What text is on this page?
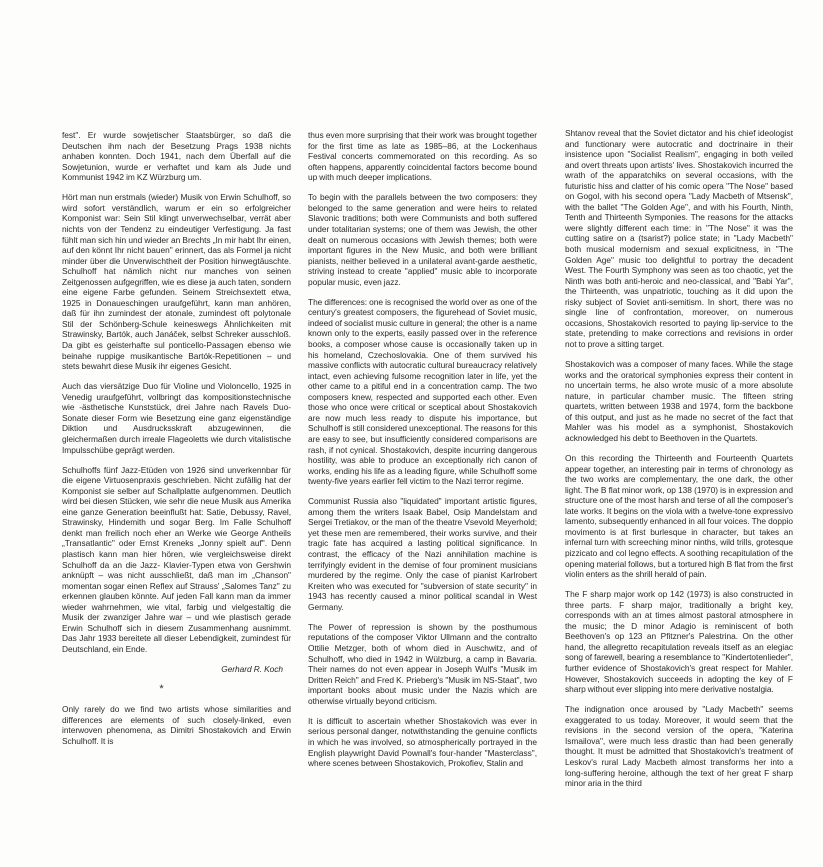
fest". Er wurde sowjetischer Staatsbürger, so daß die Deutschen ihm nach der Besetzung Prags 1938 nichts anhaben konnten. Doch 1941, nach dem Überfall auf die Sowjetunion, wurde er verhaftet und kam als Jude und Kommunist 1942 im KZ Würzburg um.

Hört man nun erstmals (wieder) Musik von Erwin Schulhoff, so wird sofort verständlich, warum er ein so erfolgreicher Komponist war: Sein Stil klingt unverwechselbar, verrät aber nichts von der Tendenz zu eindeutiger Verfestigung. Ja fast fühlt man sich hin und wieder an Brechts „In mir habt Ihr einen, auf den könnt Ihr nicht bauen" erinnert, das als Formel ja nicht minder über die Unverwischtheit der Position hinwegtäuschte. Schulhoff hat nämlich nicht nur manches von seinen Zeitgenossen aufgegriffen, wie es diese ja auch taten, sondern eine eigene Farbe gefunden. Seinem Streichsextett etwa, 1925 in Donaueschingen uraufgeführt, kann man anhören, daß für ihn zumindest der atonale, zumindest oft polytonale Stil der Schönberg-Schule keineswegs Ähnlichkeiten mit Strawinsky, Bartók, auch Janáček, selbst Schreker ausschloß. Da gibt es geisterhafte sul ponticello-Passagen ebenso wie beinahe ruppige musikantische Bartók-Repetitionen – und stets bewahrt diese Musik ihr eigenes Gesicht.

Auch das viersätzige Duo für Violine und Violoncello, 1925 in Venedig uraufgeführt, vollbringt das kompositionstechnische wie -ästhetische Kunststück, drei Jahre nach Ravels Duo-Sonate dieser Form wie Besetzung eine ganz eigenständige Diktion und Ausdrucksskraft abzugewinnen, die gleichermaßen durch irreale Flageoletts wie durch vitalistische Impulsschübe geprägt werden.

Schulhoffs fünf Jazz-Etüden von 1926 sind unverkennbar für die eigene Virtuosenpraxis geschrieben. Nicht zufällig hat der Komponist sie selber auf Schallplatte aufgenommen. Deutlich wird bei diesen Stücken, wie sehr die neue Musik aus Amerika eine ganze Generation beeinflußt hat: Satie, Debussy, Ravel, Strawinsky, Hindemith und sogar Berg. Im Falle Schulhoff denkt man freilich noch eher an Werke wie George Antheils „Transatlantic" oder Ernst Kreneks „Jonny spielt auf". Denn plastisch kann man hier hören, wie vergleichsweise direkt Schulhoff da an die Jazz- Klavier-Typen etwa von Gershwin anknüpft – was nicht ausschließt, daß man im „Chanson" momentan sogar einen Reflex auf Strauss' „Salomes Tanz" zu erkennen glauben könnte. Auf jeden Fall kann man da immer wieder wahrnehmen, wie vital, farbig und vielgestaltig die Musik der zwanziger Jahre war – und wie plastisch gerade Erwin Schulhoff sich in diesem Zusammenhang ausnimmt. Das Jahr 1933 bereitete all dieser Lebendigkeit, zumindest für Deutschland, ein Ende.

Gerhard R. Koch

*

Only rarely do we find two artists whose similarities and differences are elements of such closely-linked, even interwoven phenomena, as Dimitri Shostakovich and Erwin Schulhoff. It is

thus even more surprising that their work was brought together for the first time as late as 1985–86, at the Lockenhaus Festival concerts commemorated on this recording. As so often happens, apparently coincidental factors become bound up with much deeper implications.

To begin with the parallels between the two composers: they belonged to the same generation and were heirs to related Slavonic traditions; both were Communists and both suffered under totalitarian systems; one of them was Jewish, the other dealt on numerous occasions with Jewish themes; both were important figures in the New Music, and both were brilliant pianists, neither believed in a unilateral avant-garde aesthetic, striving instead to create "applied" music able to incorporate popular music, even jazz.

The differences: one is recognised the world over as one of the century's greatest composers, the figurehead of Soviet music, indeed of socialist music culture in general; the other is a name known only to the experts, easily passed over in the reference books, a composer whose cause is occasionally taken up in his homeland, Czechoslovakia. One of them survived his massive conflicts with autocratic cultural bureaucracy relatively intact, even achieving fulsome recognition later in life, yet the other came to a pitiful end in a concentration camp. The two composers knew, respected and supported each other. Even those who once were critical or sceptical about Shostakovich are now much less ready to dispute his importance, but Schulhoff is still considered unexceptional. The reasons for this are easy to see, but insufficiently considered comparisons are rash, if not cynical. Shostakovich, despite incurring dangerous hostility, was able to produce an exceptionally rich canon of works, ending his life as a leading figure, while Schulhoff some twenty-five years earlier fell victim to the Nazi terror regime.

Communist Russia also "liquidated" important artistic figures, among them the writers Isaak Babel, Osip Mandelstam and Sergei Tretiakov, or the man of the theatre Vsevold Meyerhold; yet these men are remembered, their works survive, and their tragic fate has acquired a lasting political significance. In contrast, the efficacy of the Nazi annihilation machine is terrifyingly evident in the demise of four prominent musicians murdered by the regime. Only the case of pianist Karlrobert Kreiten who was executed for "subversion of state security" in 1943 has recently caused a minor political scandal in West Germany.

The Power of repression is shown by the posthumous reputations of the composer Viktor Ullmann and the contralto Ottilie Metzger, both of whom died in Auschwitz, and of Schulhoff, who died in 1942 in Wülzburg, a camp in Bavaria. Their names do not even appear in Joseph Wulf's "Musik im Dritten Reich" and Fred K. Prieberg's "Musik im NS-Staat", two important books about music under the Nazis which are otherwise virtually beyond criticism.

It is difficult to ascertain whether Shostakovich was ever in serious personal danger, notwithstanding the genuine conflicts in which he was involved, so atmospherically portrayed in the English playwright David Pownall's four-hander "Masterclass", where scenes between Shostakovich, Prokofiev, Stalin and

Shtanov reveal that the Soviet dictator and his chief ideologist and functionary were autocratic and doctrinaire in their insistence upon "Socialist Realism", engaging in both veiled and overt threats upon artists' lives. Shostakovich incurred the wrath of the apparatchiks on several occasions, with the futuristic hiss and clatter of his comic opera "The Nose" based on Gogol, with his second opera "Lady Macbeth of Mtsensk", with the ballet "The Golden Age", and with his Fourth, Ninth, Tenth and Thirteenth Symponies. The reasons for the attacks were slightly different each time: in "The Nose" it was the cutting satire on a (tsarist?) police state; in "Lady Macbeth" both musical modernism and sexual explicitness, in "The Golden Age" music too delightful to portray the decadent West. The Fourth Symphony was seen as too chaotic, yet the Ninth was both anti-heroic and neo-classical, and "Babi Yar", the Thirteenth, was unpatriotic, touching as it did upon the risky subject of Soviet anti-semitism. In short, there was no single line of confrontation, moreover, on numerous occasions, Shostakovich resorted to paying lip-service to the state, pretending to make corrections and revisions in order not to prove a sitting target.

Shostakovich was a composer of many faces. While the stage works and the oratorical symphonies express their content in no uncertain terms, he also wrote music of a more absolute nature, in particular chamber music. The fifteen string quartets, written between 1938 and 1974, form the backbone of this output, and just as he made no secret of the fact that Mahler was his model as a symphonist, Shostakovich acknowledged his debt to Beethoven in the Quartets.

On this recording the Thirteenth and Fourteenth Quartets appear together, an interesting pair in terms of chronology as the two works are complementary, the one dark, the other light. The B flat minor work, op 138 (1970) is in expression and structure one of the most harsh and terse of all the composer's late works. It begins on the viola with a twelve-tone expressivo lamento, subsequently enhanced in all four voices. The doppio movimento is at first burlesque in character, but takes an infernal turn with screeching minor ninths, wild trills, grotesque pizzicato and col legno effects. A soothing recapitulation of the opening material follows, but a tortured high B flat from the first violin enters as the shrill herald of pain.

The F sharp major work op 142 (1973) is also constructed in three parts. F sharp major, traditionally a bright key, corresponds with an at times almost pastoral atmosphere in the music; the D minor Adagio is reminiscent of both Beethoven's op 123 an Pfitzner's Palestrina. On the other hand, the allegretto recapitulation reveals itself as an elegiac song of farewell, bearing a resemblance to "Kindertotenlieder", further evidence of Shostakovich's great respect for Mahler. However, Shostakovich succeeds in adopting the key of F sharp without ever slipping into mere derivative nostalgia.

The indignation once aroused by "Lady Macbeth" seems exaggerated to us today. Moreover, it would seem that the revisions in the second version of the opera, "Katerina Ismailova", were much less drastic than had been generally thought. It must be admitted that Shostakovich's treatment of Leskov's rural Lady Macbeth almost transforms her into a long-suffering heroine, although the text of her great F sharp minor aria in the third
